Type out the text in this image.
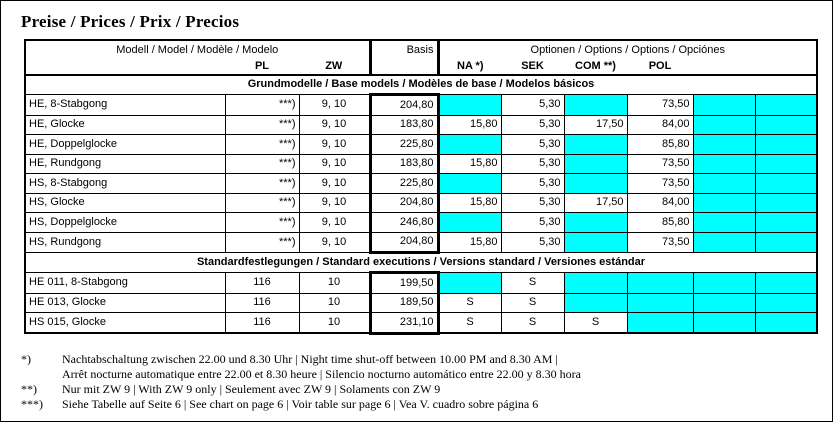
Preise / Prices / Prix / Precios
Modell / Model / Modèle / Modelo			Basis	Optionen / Options / Options / Opciónes					
	PL	ZW		NA *)	SEK	COM **)	POL		
Grundmodelle / Base models / Modèles de base / Modelos básicos									
HE, 8-Stabgong	***)	9, 10	204,80		5,30		73,50		
HE, Glocke	***)	9, 10	183,80	15,80	5,30	17,50	84,00		
HE, Doppelglocke	***)	9, 10	225,80		5,30		85,80		
HE, Rundgong	***)	9, 10	183,80	15,80	5,30		73,50		
HS, 8-Stabgong	***)	9, 10	225,80		5,30		73,50		
HS, Glocke	***)	9, 10	204,80	15,80	5,30	17,50	84,00		
HS, Doppelglocke	***)	9, 10	246,80		5,30		85,80		
HS, Rundgong	***)	9, 10	204,80	15,80	5,30		73,50		
Standardfestlegungen / Standard executions / Versions standard / Versiones estándar									
HE 011, 8-Stabgong	116	10	199,50		S				
HE 013, Glocke	116	10	189,50	S	S				
HS 015, Glocke	116	10	231,10	S	S	S			
*)	Nachtabschaltung zwischen 22.00 und 8.30 Uhr | Night time shut-off between 10.00 PM and 8.30 AM |
Arrêt nocturne automatique entre 22.00 et 8.30 heure | Silencio nocturno automático entre 22.00 y 8.30 hora
**)	Nur mit ZW 9 | With ZW 9 only | Seulement avec ZW 9 | Solaments con ZW 9
***)	Siehe Tabelle auf Seite 6 | See chart on page 6 | Voir table sur page 6 | Vea V. cuadro sobre página 6
